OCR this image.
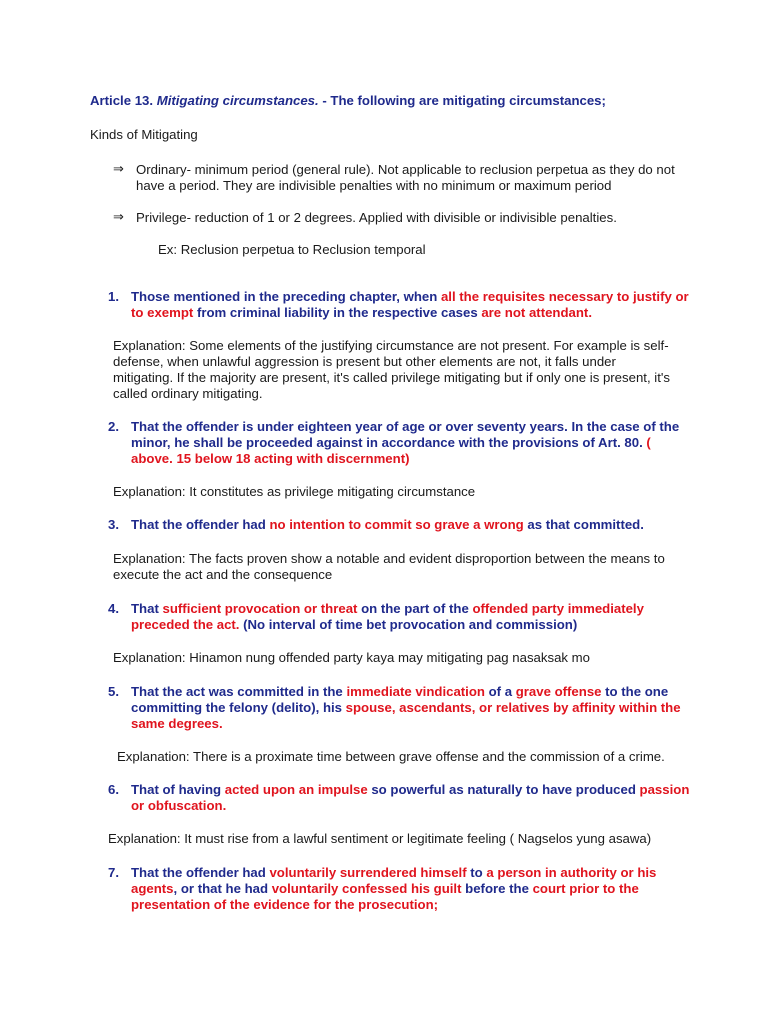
Article 13. Mitigating circumstances. - The following are mitigating circumstances;
Kinds of Mitigating
⇒ Ordinary- minimum period (general rule). Not applicable to reclusion perpetua as they do not have a period. They are indivisible penalties with no minimum or maximum period
⇒ Privilege- reduction of 1 or 2 degrees. Applied with divisible or indivisible penalties.
Ex: Reclusion perpetua to Reclusion temporal
1. Those mentioned in the preceding chapter, when all the requisites necessary to justify or to exempt from criminal liability in the respective cases are not attendant.
Explanation: Some elements of the justifying circumstance are not present. For example is self-defense, when unlawful aggression is present but other elements are not, it falls under mitigating. If the majority are present, it's called privilege mitigating but if only one is present, it's called ordinary mitigating.
2. That the offender is under eighteen year of age or over seventy years. In the case of the minor, he shall be proceeded against in accordance with the provisions of Art. 80. ( above. 15 below 18 acting with discernment)
Explanation: It constitutes as privilege mitigating circumstance
3. That the offender had no intention to commit so grave a wrong as that committed.
Explanation: The facts proven show a notable and evident disproportion between the means to execute the act and the consequence
4. That sufficient provocation or threat on the part of the offended party immediately preceded the act. (No interval of time bet provocation and commission)
Explanation: Hinamon nung offended party kaya may mitigating pag nasaksak mo
5. That the act was committed in the immediate vindication of a grave offense to the one committing the felony (delito), his spouse, ascendants, or relatives by affinity within the same degrees.
Explanation: There is a proximate time between grave offense and the commission of a crime.
6. That of having acted upon an impulse so powerful as naturally to have produced passion or obfuscation.
Explanation: It must rise from a lawful sentiment or legitimate feeling ( Nagselos yung asawa)
7. That the offender had voluntarily surrendered himself to a person in authority or his agents, or that he had voluntarily confessed his guilt before the court prior to the presentation of the evidence for the prosecution;
